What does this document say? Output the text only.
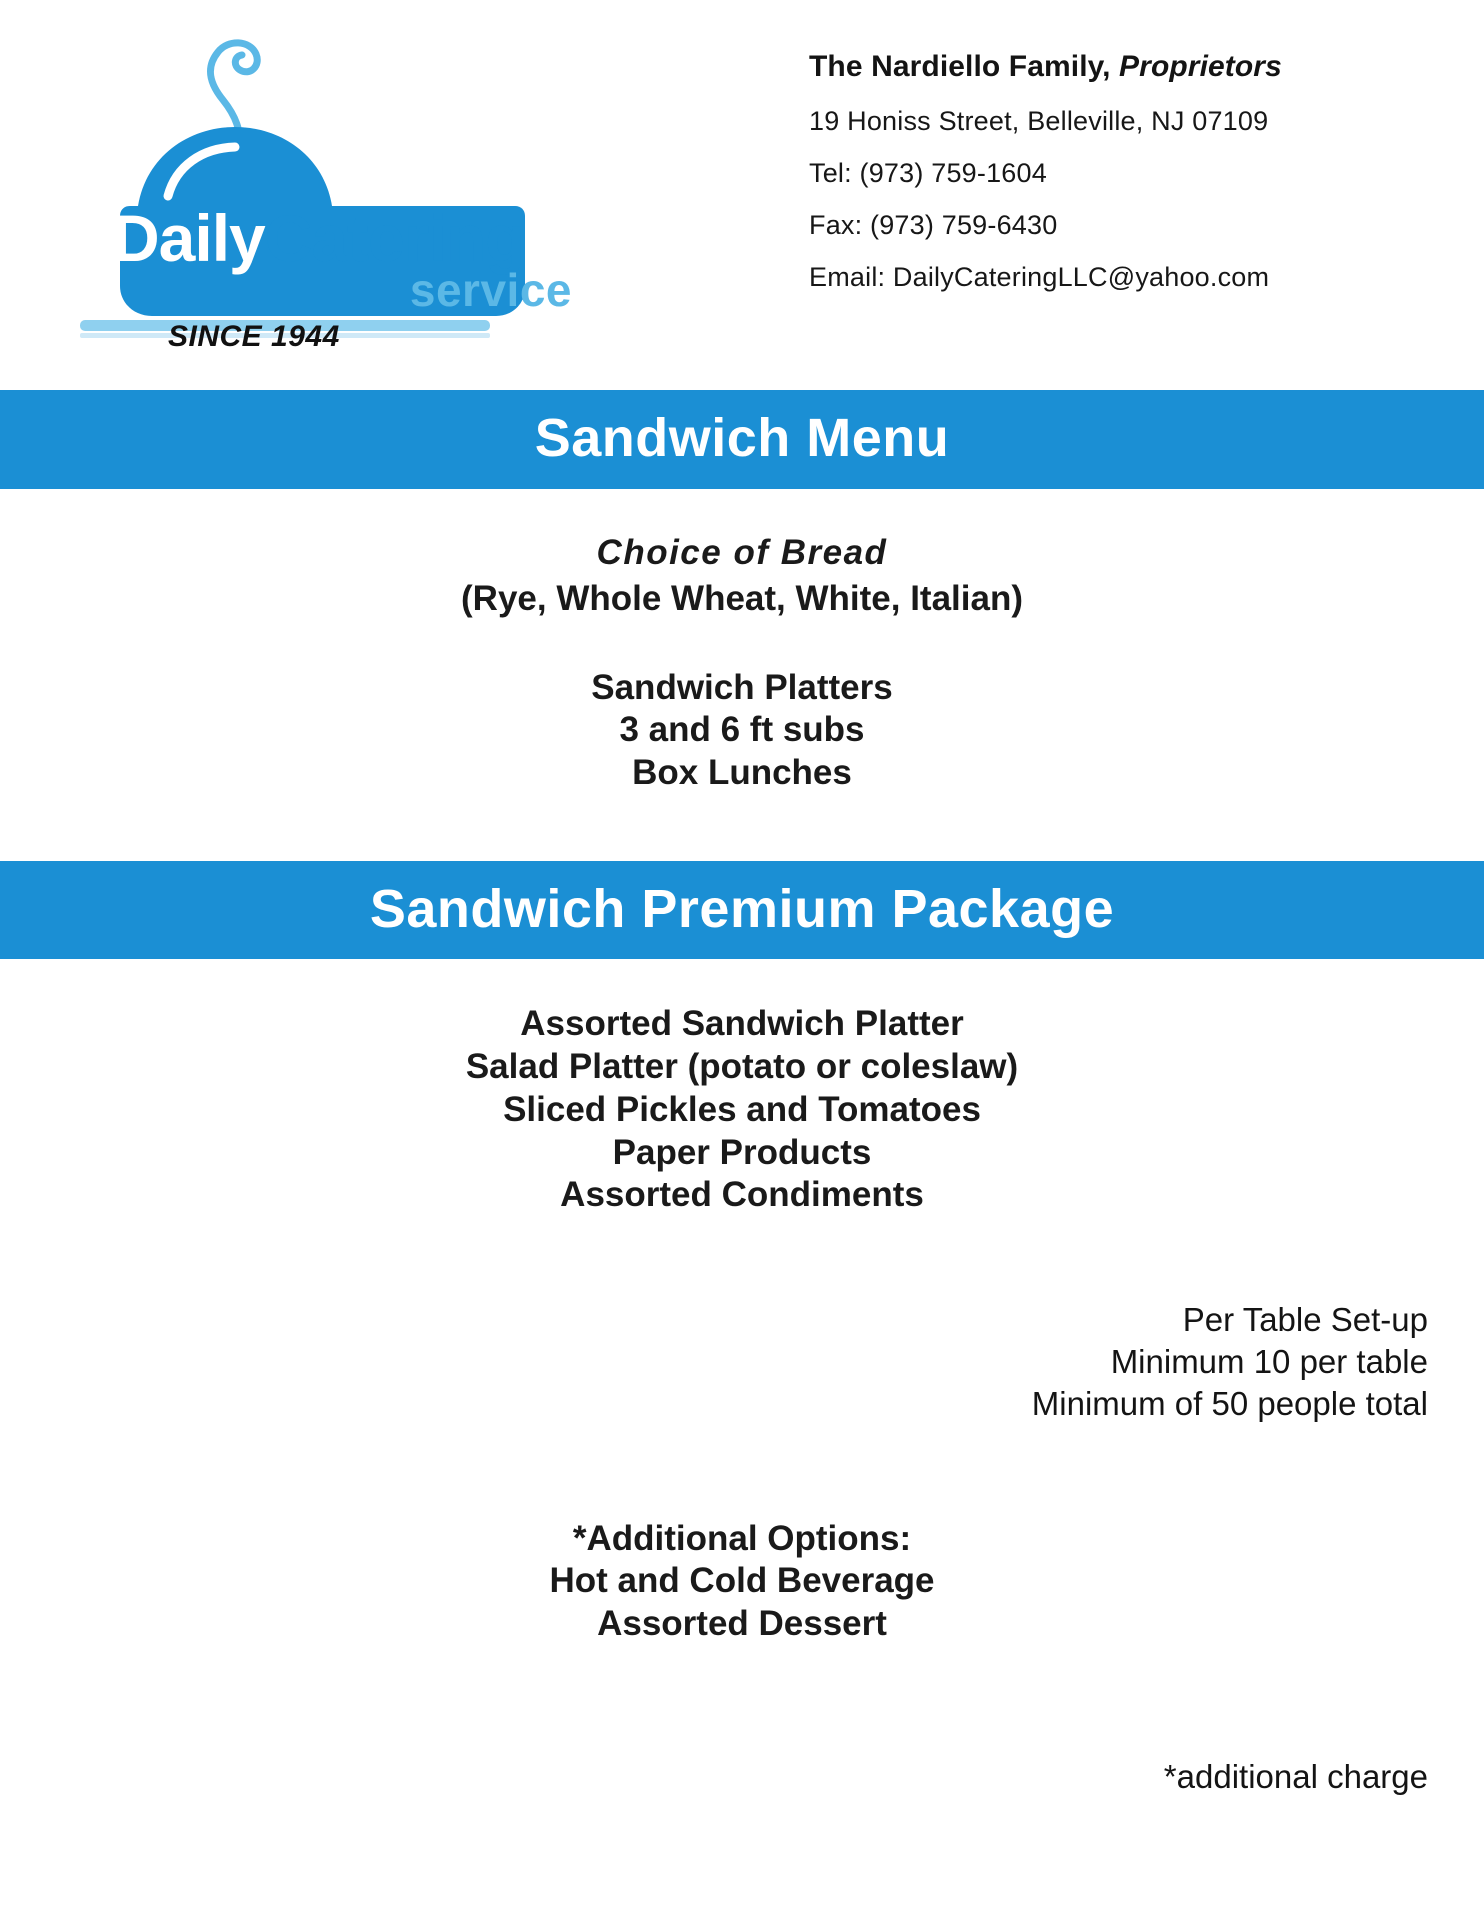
DailyCatering
service
SINCE 1944
The Nardiello Family, Proprietors
19 Honiss Street, Belleville, NJ 07109
Tel: (973) 759-1604
Fax: (973) 759-6430
Email: DailyCateringLLC@yahoo.com
Sandwich Menu
Choice of Bread
(Rye, Whole Wheat, White, Italian)
Sandwich Platters
3 and 6 ft subs
Box Lunches
Sandwich Premium Package
Assorted Sandwich Platter
Salad Platter (potato or coleslaw)
Sliced Pickles and Tomatoes
Paper Products
Assorted Condiments
Per Table Set-up
Minimum 10 per table
Minimum of 50 people total
*Additional Options:
Hot and Cold Beverage
Assorted Dessert
*additional charge
